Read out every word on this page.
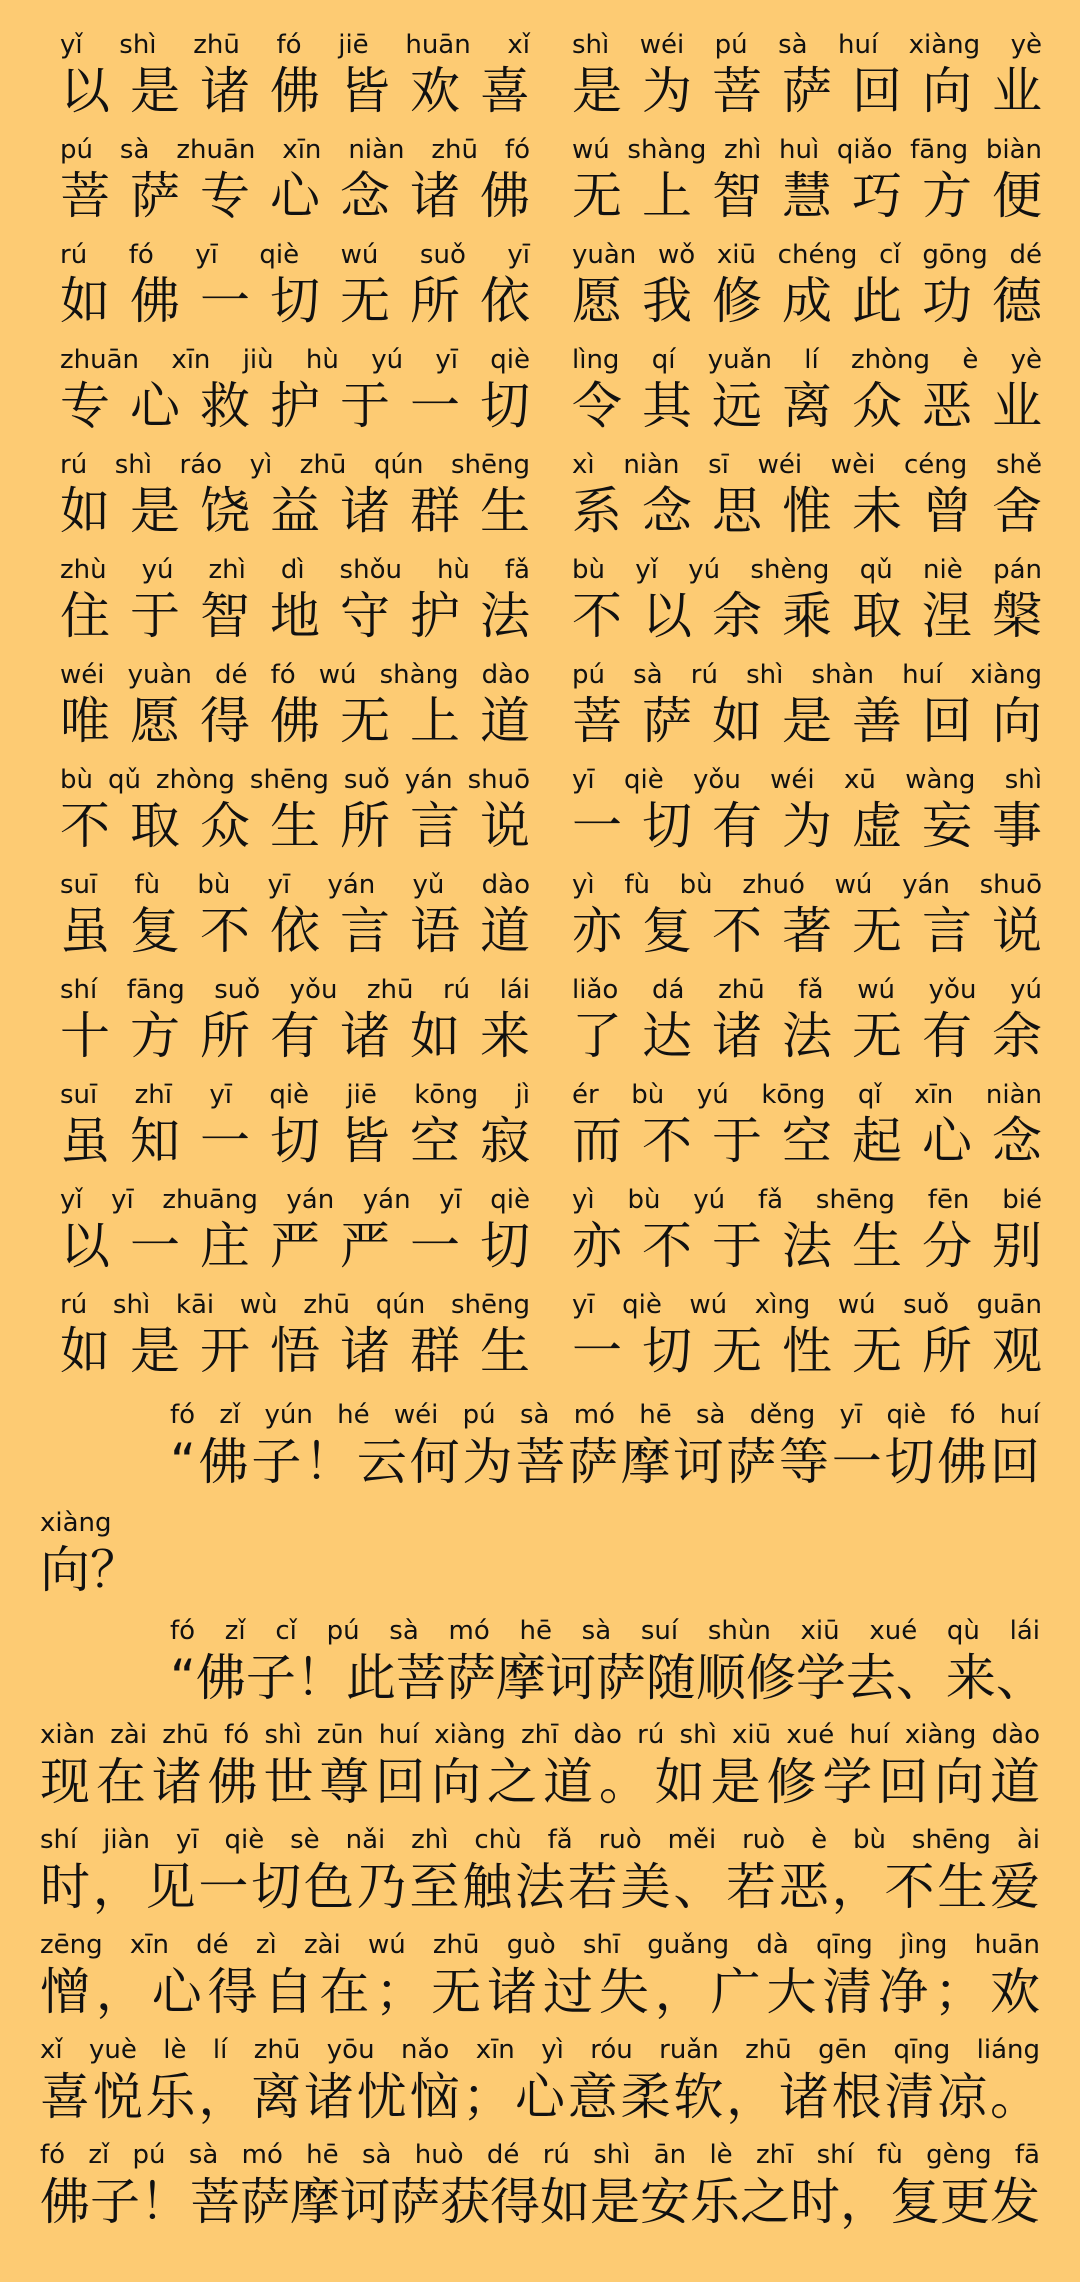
yǐ shì zhū fó jiē huān xǐ
以是诸佛皆欢喜
shì wéi pú sà huí xiàng yè
是为菩萨回向业
pú sà zhuān xīn niàn zhū fó
菩萨专心念诸佛
wú shàng zhì huì qiǎo fāng biàn
无上智慧巧方便
rú fó yī qiè wú suǒ yī
如佛一切无所依
yuàn wǒ xiū chéng cǐ gōng dé
愿我修成此功德
zhuān xīn jiù hù yú yī qiè
专心救护于一切
lìng qí yuǎn lí zhòng è yè
令其远离众恶业
rú shì ráo yì zhū qún shēng
如是饶益诸群生
xì niàn sī wéi wèi céng shě
系念思惟未曾舍
zhù yú zhì dì shǒu hù fǎ
住于智地守护法
bù yǐ yú shèng qǔ niè pán
不以余乘取涅槃
wéi yuàn dé fó wú shàng dào
唯愿得佛无上道
pú sà rú shì shàn huí xiàng
菩萨如是善回向
bù qǔ zhòng shēng suǒ yán shuō
不取众生所言说
yī qiè yǒu wéi xū wàng shì
一切有为虚妄事
suī fù bù yī yán yǔ dào
虽复不依言语道
yì fù bù zhuó wú yán shuō
亦复不著无言说
shí fāng suǒ yǒu zhū rú lái
十方所有诸如来
liǎo dá zhū fǎ wú yǒu yú
了达诸法无有余
suī zhī yī qiè jiē kōng jì
虽知一切皆空寂
ér bù yú kōng qǐ xīn niàn
而不于空起心念
yǐ yī zhuāng yán yán yī qiè
以一庄严严一切
yì bù yú fǎ shēng fēn bié
亦不于法生分别
rú shì kāi wù zhū qún shēng
如是开悟诸群生
yī qiè wú xìng wú suǒ guān
一切无性无所观
fó zǐ yún hé wéi pú sà mó hē sà děng yī qiè fó huí
“佛子！云何为菩萨摩诃萨等一切佛回
xiàng
向？
fó zǐ cǐ pú sà mó hē sà suí shùn xiū xué qù lái
“佛子！此菩萨摩诃萨随顺修学去、来、
xiàn zài zhū fó shì zūn huí xiàng zhī dào rú shì xiū xué huí xiàng dào
现在诸佛世尊回向之道。如是修学回向道
shí jiàn yī qiè sè nǎi zhì chù fǎ ruò měi ruò è bù shēng ài
时，见一切色乃至触法若美、若恶，不生爱
zēng xīn dé zì zài wú zhū guò shī guǎng dà qīng jìng huān
憎，心得自在；无诸过失，广大清净；欢
xǐ yuè lè lí zhū yōu nǎo xīn yì róu ruǎn zhū gēn qīng liáng
喜悦乐，离诸忧恼；心意柔软，诸根清凉。
fó zǐ pú sà mó hē sà huò dé rú shì ān lè zhī shí fù gèng fā
佛子！菩萨摩诃萨获得如是安乐之时，复更发
